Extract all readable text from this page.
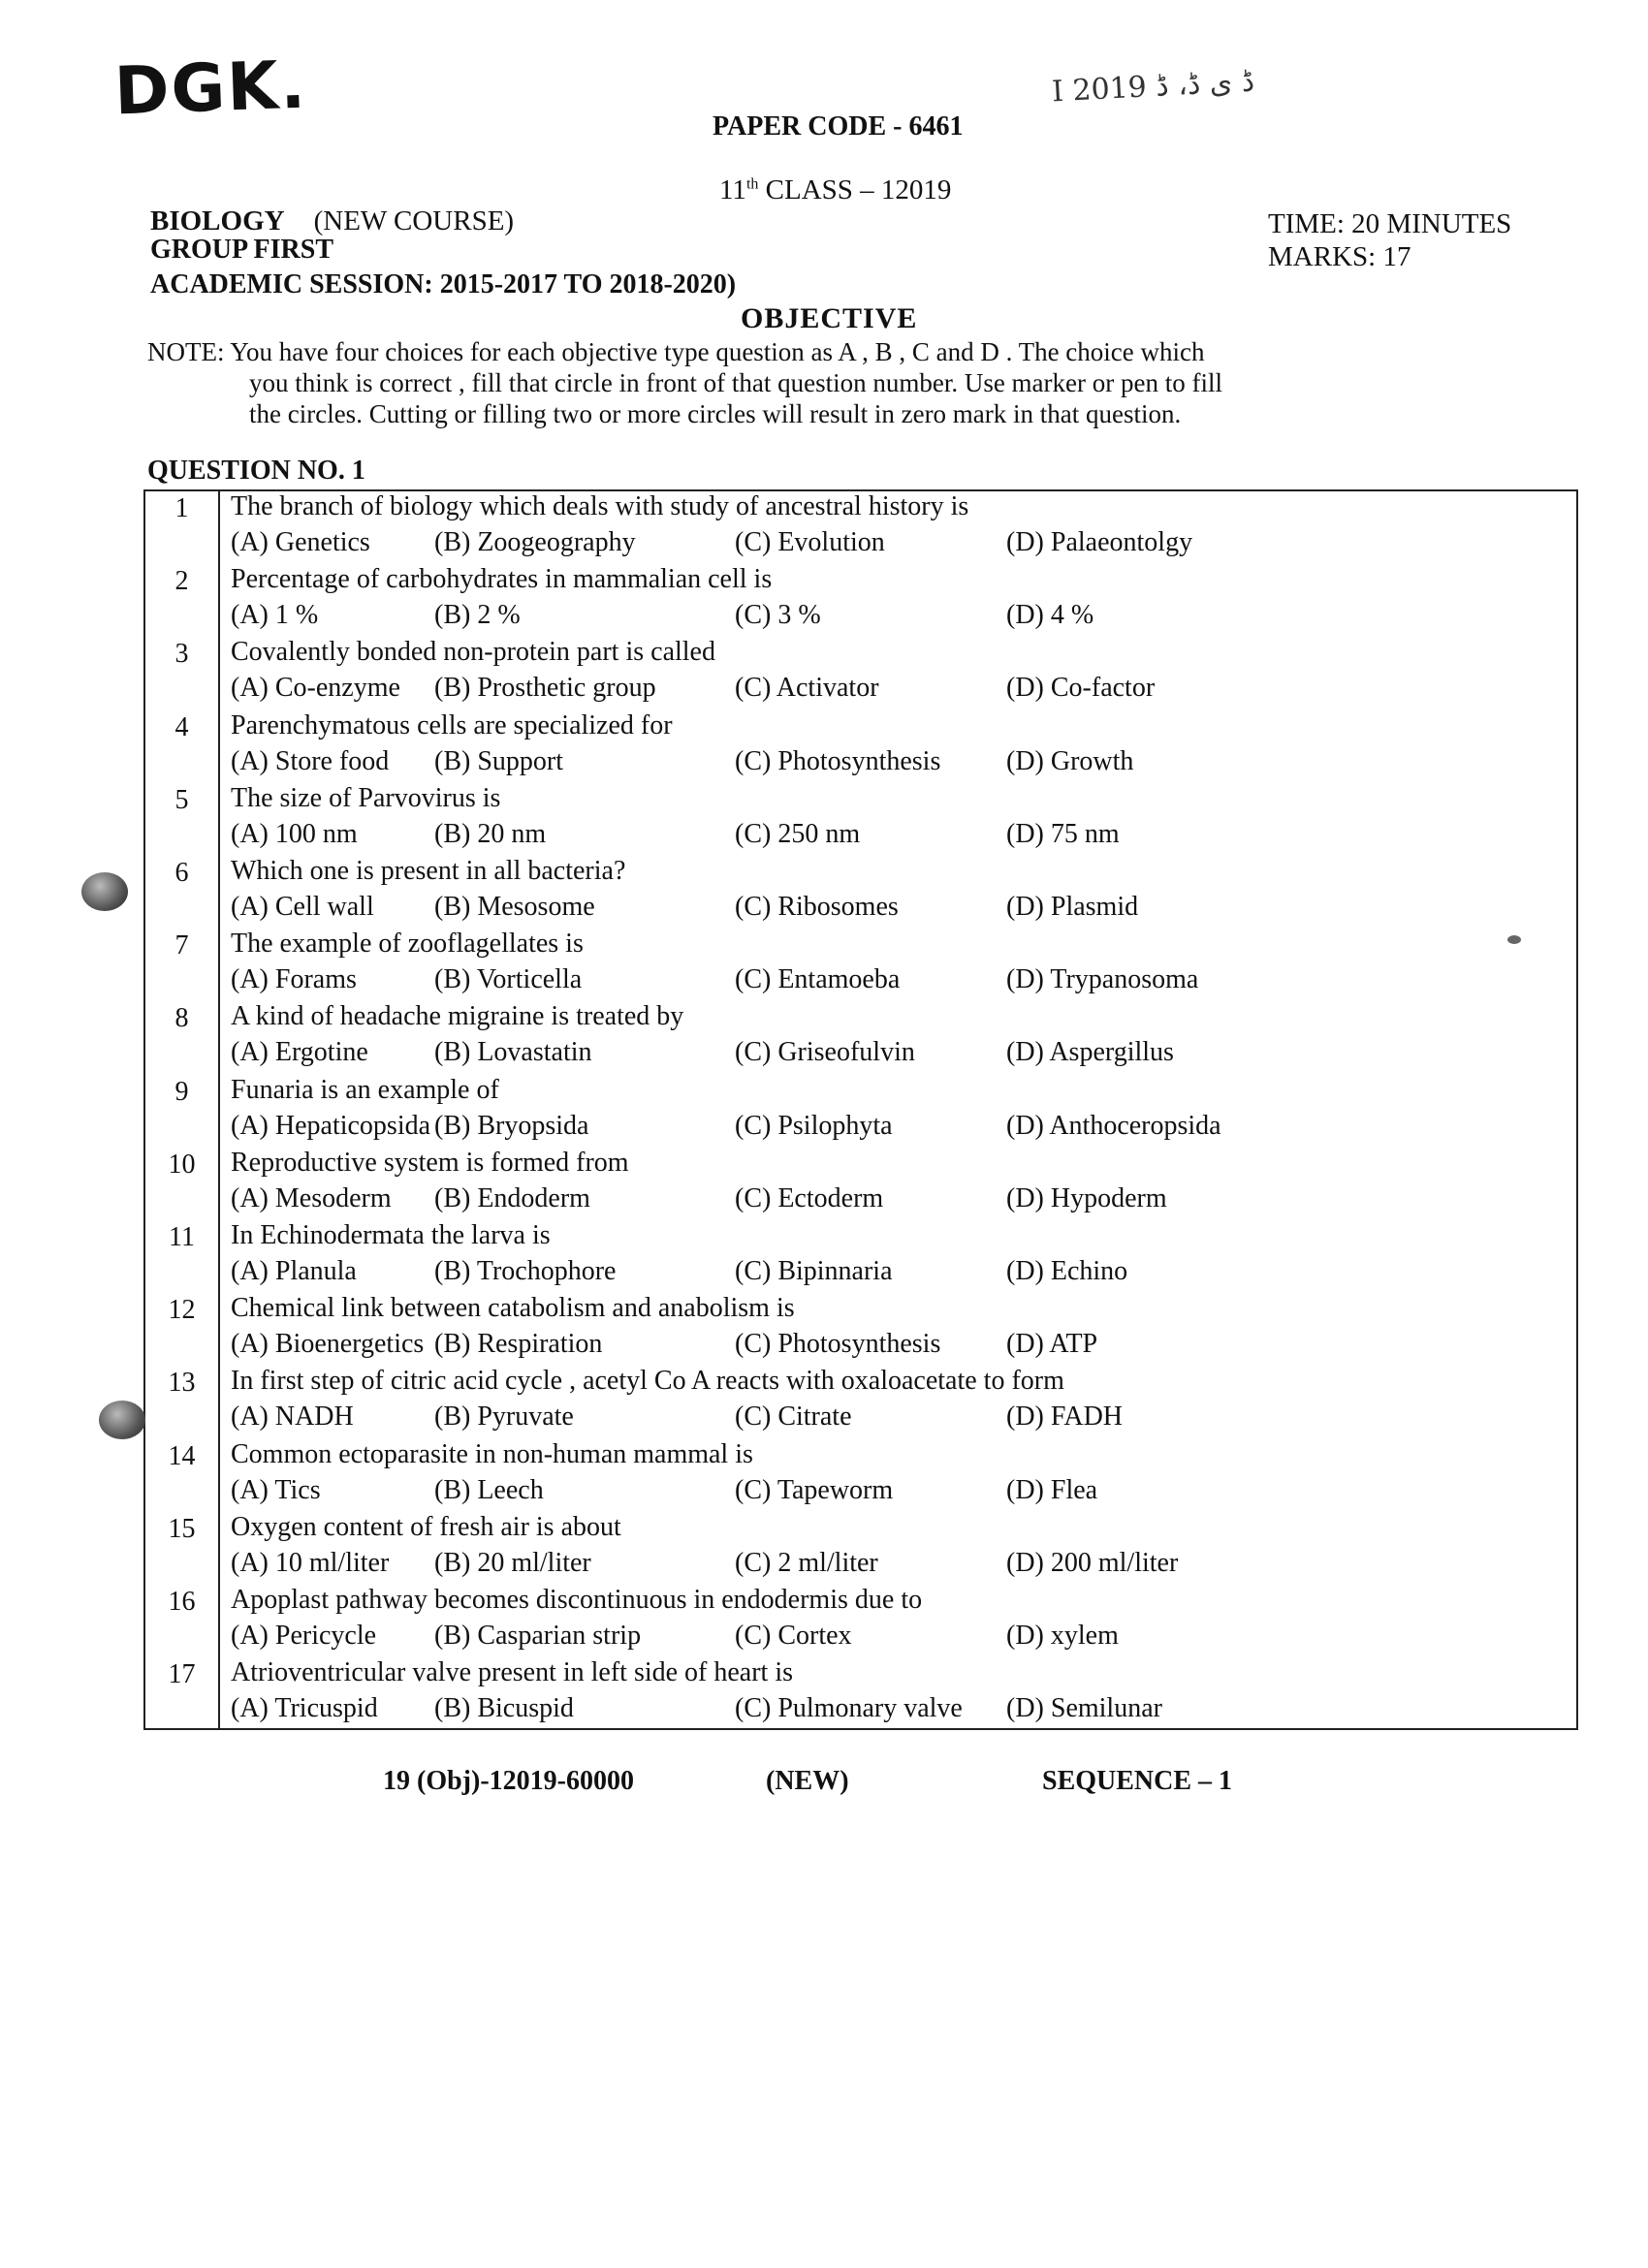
DGK.	I ڈ ی ڈ، ڈ 2019
PAPER CODE - 6461
11th CLASS – 12019
BIOLOGY (NEW COURSE)
GROUP FIRST
ACADEMIC SESSION: 2015-2017 TO 2018-2020)
TIME: 20 MINUTES
MARKS: 17
OBJECTIVE
NOTE: You have four choices for each objective type question as A , B , C and D . The choice which
you think is correct , fill that circle in front of that question number. Use marker or pen to fill
the circles. Cutting or filling two or more circles will result in zero mark in that question.
QUESTION NO. 1
1	The branch of biology which deals with study of ancestral history is
(A) Genetics (B) Zoogeography	(C) Evolution	(D) Palaeontolgy
2	Percentage of carbohydrates in mammalian cell is
(A) 1 %	(B) 2 %	(C) 3 %	(D) 4 %
3	Covalently bonded non-protein part is called
(A) Co-enzyme (B) Prosthetic group	(C) Activator	(D) Co-factor
4	Parenchymatous cells are specialized for
(A) Store food (B) Support	(C) Photosynthesis (D) Growth
5	The size of Parvovirus is
(A) 100 nm	(B) 20 nm	(C) 250 nm	(D) 75 nm
6	Which one is present in all bacteria?
(A) Cell wall (B) Mesosome	(C) Ribosomes	(D) Plasmid
7	The example of zooflagellates is
(A) Forams	(B) Vorticella	(C) Entamoeba	(D) Trypanosoma
8	A kind of headache migraine is treated by
(A) Ergotine (B) Lovastatin	(C) Griseofulvin	(D) Aspergillus
9	Funaria is an example of
(A) Hepaticopsida (B) Bryopsida	(C) Psilophyta	(D) Anthoceropsida
10	Reproductive system is formed from
(A) Mesoderm (B) Endoderm	(C) Ectoderm	(D) Hypoderm
11	In Echinodermata the larva is
(A) Planula	(B) Trochophore	(C) Bipinnaria	(D) Echino
12	Chemical link between catabolism and anabolism is
(A) Bioenergetics (B) Respiration	(C) Photosynthesis (D) ATP
13	In first step of citric acid cycle , acetyl Co A reacts with oxaloacetate to form
(A) NADH	(B) Pyruvate	(C) Citrate	(D) FADH
14	Common ectoparasite in non-human mammal is
(A) Tics	(B) Leech	(C) Tapeworm	(D) Flea
15	Oxygen content of fresh air is about
(A) 10 ml/liter (B) 20 ml/liter	(C) 2 ml/liter	(D) 200 ml/liter
16	Apoplast pathway becomes discontinuous in endodermis due to
(A) Pericycle (B) Casparian strip	(C) Cortex	(D) xylem
17	Atrioventricular valve present in left side of heart is
(A) Tricuspid (B) Bicuspid	(C) Pulmonary valve (D) Semilunar
19 (Obj)-12019-60000	(NEW)	SEQUENCE – 1
